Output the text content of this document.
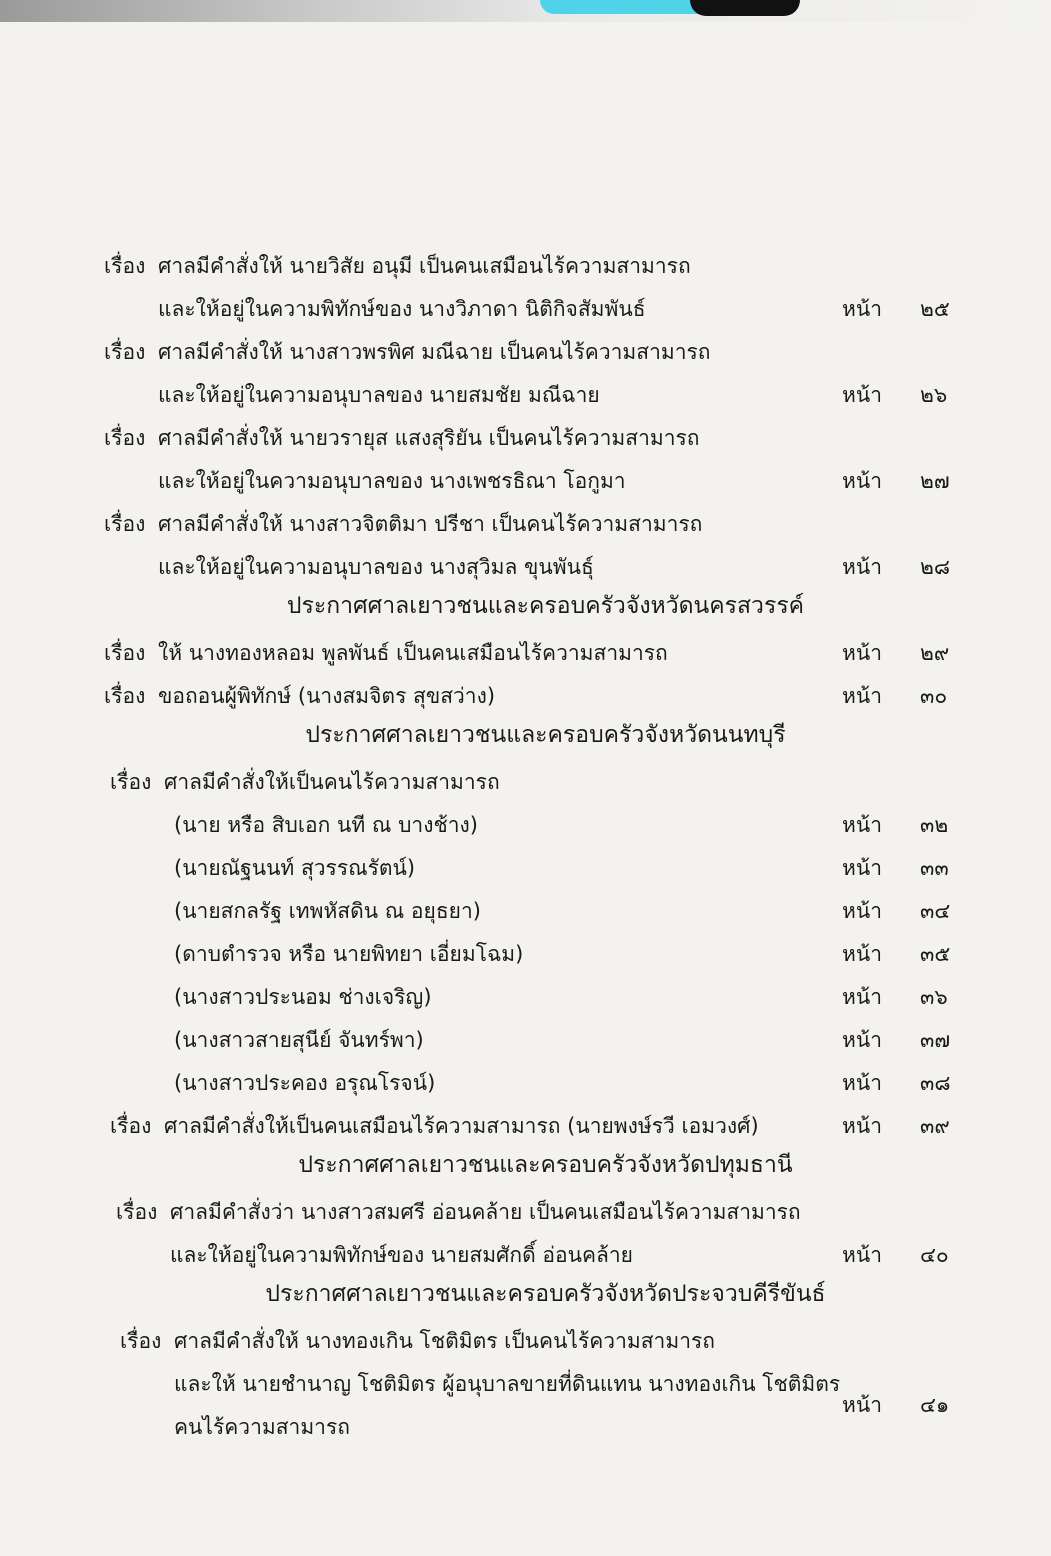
เรื่อง ศาลมีคำสั่งให้ นายวิสัย อนุมี เป็นคนเสมือนไร้ความสามารถ
และให้อยู่ในความพิทักษ์ของ นางวิภาดา นิติกิจสัมพันธ์	หน้า ๒๕
เรื่อง ศาลมีคำสั่งให้ นางสาวพรพิศ มณีฉาย เป็นคนไร้ความสามารถ
และให้อยู่ในความอนุบาลของ นายสมชัย มณีฉาย	หน้า ๒๖
เรื่อง ศาลมีคำสั่งให้ นายวรายุส แสงสุริยัน เป็นคนไร้ความสามารถ
และให้อยู่ในความอนุบาลของ นางเพชรธิณา โอกูมา	หน้า ๒๗
เรื่อง ศาลมีคำสั่งให้ นางสาวจิตติมา ปรีชา เป็นคนไร้ความสามารถ
และให้อยู่ในความอนุบาลของ นางสุวิมล ขุนพันธุ์	หน้า ๒๘
ประกาศศาลเยาวชนและครอบครัวจังหวัดนครสวรรค์
เรื่อง ให้ นางทองหลอม พูลพันธ์ เป็นคนเสมือนไร้ความสามารถ	หน้า ๒๙
เรื่อง ขอถอนผู้พิทักษ์ (นางสมจิตร สุขสว่าง)	หน้า ๓๐
ประกาศศาลเยาวชนและครอบครัวจังหวัดนนทบุรี
เรื่อง ศาลมีคำสั่งให้เป็นคนไร้ความสามารถ
(นาย หรือ สิบเอก นที ณ บางช้าง)	หน้า ๓๒
(นายณัฐนนท์ สุวรรณรัตน์)	หน้า ๓๓
(นายสกลรัฐ เทพหัสดิน ณ อยุธยา)	หน้า ๓๔
(ดาบตำรวจ หรือ นายพิทยา เอี่ยมโฉม)	หน้า ๓๕
(นางสาวประนอม ช่างเจริญ)	หน้า ๓๖
(นางสาวสายสุนีย์ จันทร์พา)	หน้า ๓๗
(นางสาวประคอง อรุณโรจน์)	หน้า ๓๘
เรื่อง ศาลมีคำสั่งให้เป็นคนเสมือนไร้ความสามารถ (นายพงษ์รวี เอมวงศ์)	หน้า ๓๙
ประกาศศาลเยาวชนและครอบครัวจังหวัดปทุมธานี
เรื่อง ศาลมีคำสั่งว่า นางสาวสมศรี อ่อนคล้าย เป็นคนเสมือนไร้ความสามารถ
และให้อยู่ในความพิทักษ์ของ นายสมศักดิ์ อ่อนคล้าย	หน้า ๔๐
ประกาศศาลเยาวชนและครอบครัวจังหวัดประจวบคีรีขันธ์
เรื่อง ศาลมีคำสั่งให้ นางทองเกิน โชติมิตร เป็นคนไร้ความสามารถ
และให้ นายชำนาญ โชติมิตร ผู้อนุบาลขายที่ดินแทน นางทองเกิน โชติมิตร
คนไร้ความสามารถ
หน้า ๔๑
